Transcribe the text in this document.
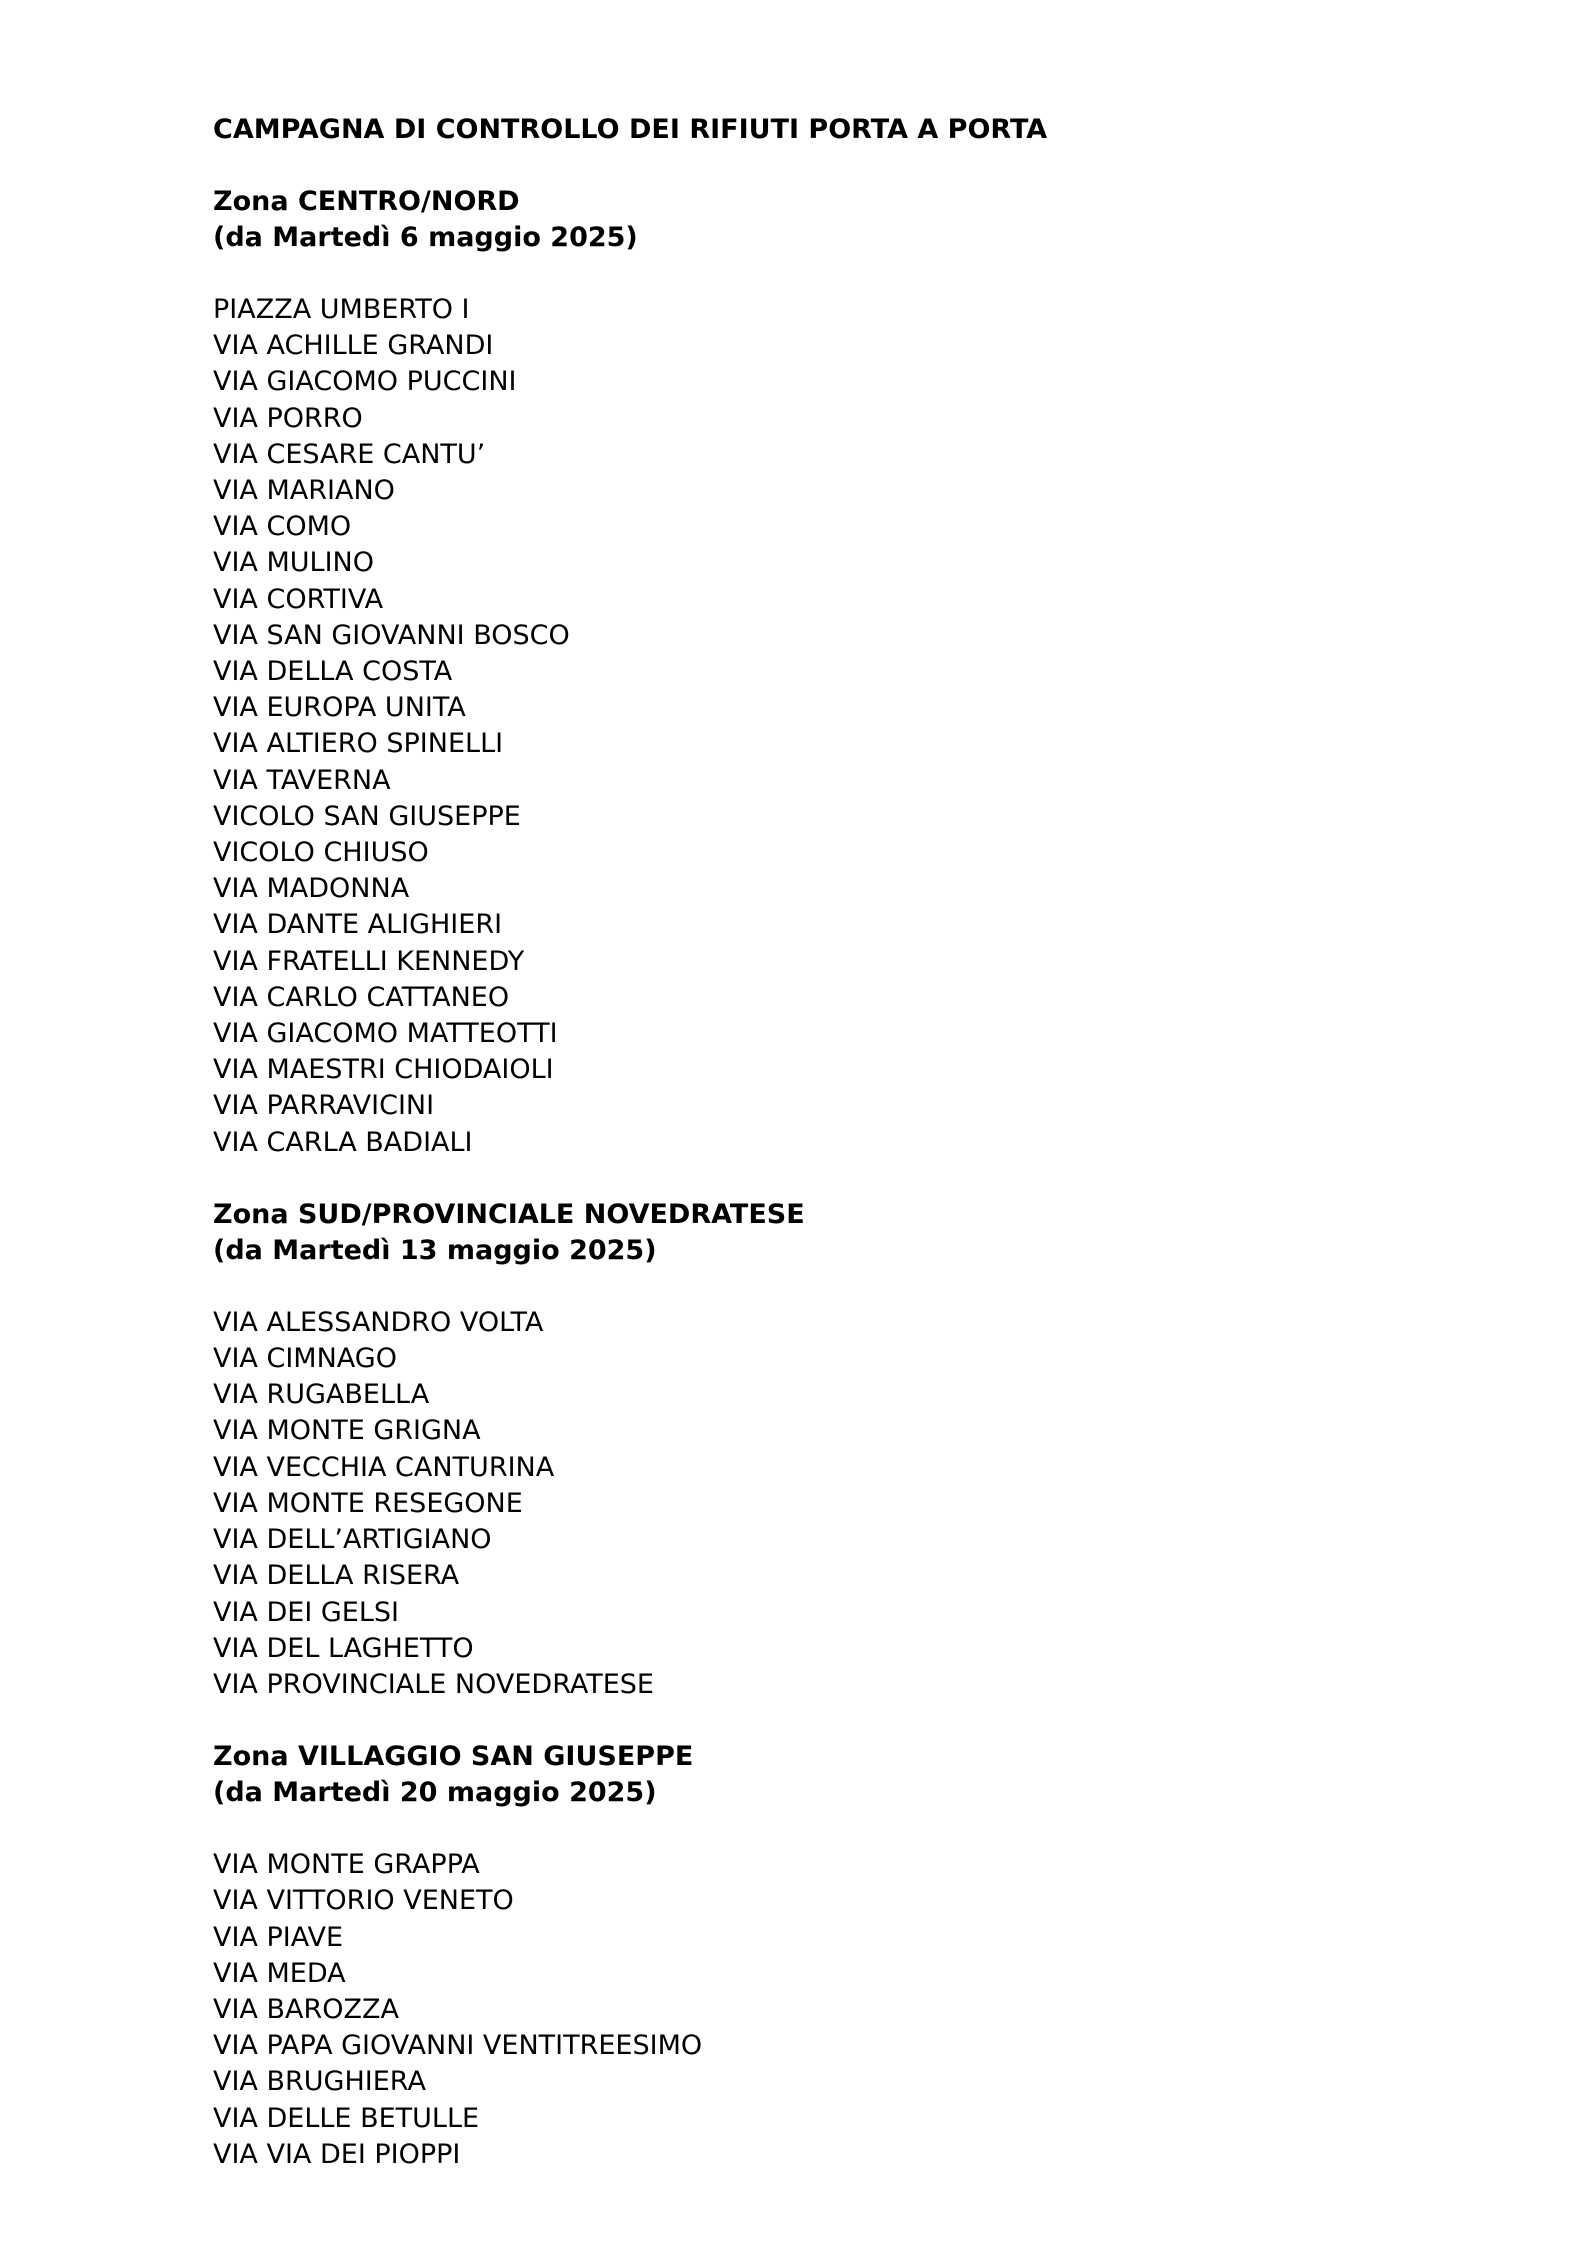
CAMPAGNA DI CONTROLLO DEI RIFIUTI PORTA A PORTA
Zona CENTRO/NORD
(da Martedì 6 maggio 2025)
PIAZZA UMBERTO I
VIA ACHILLE GRANDI
VIA GIACOMO PUCCINI
VIA PORRO
VIA CESARE CANTU’
VIA MARIANO
VIA COMO
VIA MULINO
VIA CORTIVA
VIA SAN GIOVANNI BOSCO
VIA DELLA COSTA
VIA EUROPA UNITA
VIA ALTIERO SPINELLI
VIA TAVERNA
VICOLO SAN GIUSEPPE
VICOLO CHIUSO
VIA MADONNA
VIA DANTE ALIGHIERI
VIA FRATELLI KENNEDY
VIA CARLO CATTANEO
VIA GIACOMO MATTEOTTI
VIA MAESTRI CHIODAIOLI
VIA PARRAVICINI
VIA CARLA BADIALI
Zona SUD/PROVINCIALE NOVEDRATESE
(da Martedì 13 maggio 2025)
VIA ALESSANDRO VOLTA
VIA CIMNAGO
VIA RUGABELLA
VIA MONTE GRIGNA
VIA VECCHIA CANTURINA
VIA MONTE RESEGONE
VIA DELL’ARTIGIANO
VIA DELLA RISERA
VIA DEI GELSI
VIA DEL LAGHETTO
VIA PROVINCIALE NOVEDRATESE
Zona VILLAGGIO SAN GIUSEPPE
(da Martedì 20 maggio 2025)
VIA MONTE GRAPPA
VIA VITTORIO VENETO
VIA PIAVE
VIA MEDA
VIA BAROZZA
VIA PAPA GIOVANNI VENTITREESIMO
VIA BRUGHIERA
VIA DELLE BETULLE
VIA VIA DEI PIOPPI
